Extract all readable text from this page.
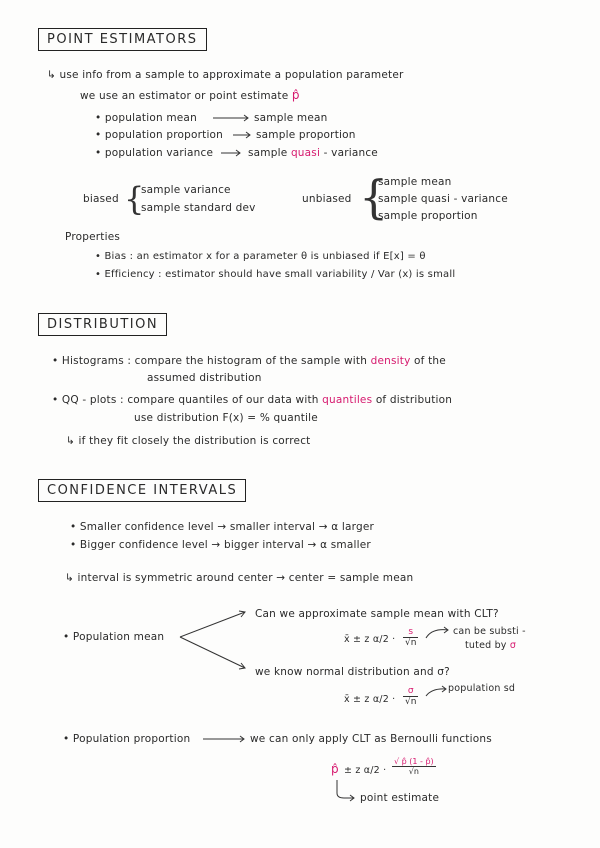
POINT ESTIMATORS
↳ use info from a sample to approximate a population parameter
we use an estimator or point estimate p̂
• population mean	sample mean
• population proportion	sample proportion
• population variance	sample quasi - variance
biased {
sample variance
sample standard dev
unbiased {
sample mean
sample quasi - variance
sample proportion
Properties
• Bias : an estimator x for a parameter θ is unbiased if E[x] = θ
• Efficiency : estimator should have small variability / Var (x) is small
DISTRIBUTION
• Histograms : compare the histogram of the sample with density of the
assumed distribution
• QQ - plots : compare quantiles of our data with quantiles of distribution
use distribution F(x) = % quantile
↳ if they fit closely the distribution is correct
CONFIDENCE INTERVALS
• Smaller confidence level → smaller interval → α larger
• Bigger confidence level → bigger interval → α smaller
↳ interval is symmetric around center → center = sample mean
• Population mean
Can we approximate sample mean with CLT?
x̄ ± z $\alpha/2 \cdot \frac{s}{√n}$	can be substi -
tuted by σ
we know normal distribution and σ?
x̄ ± z $\alpha/2 \cdot \frac{\sigma}{√n}$	population sd
• Population proportion	we can only apply CLT as Bernoulli functions
p̂ ± z $\alpha/2 \cdot \frac{√ p̂ (1 - p̂)}{√n}$
point estimate
